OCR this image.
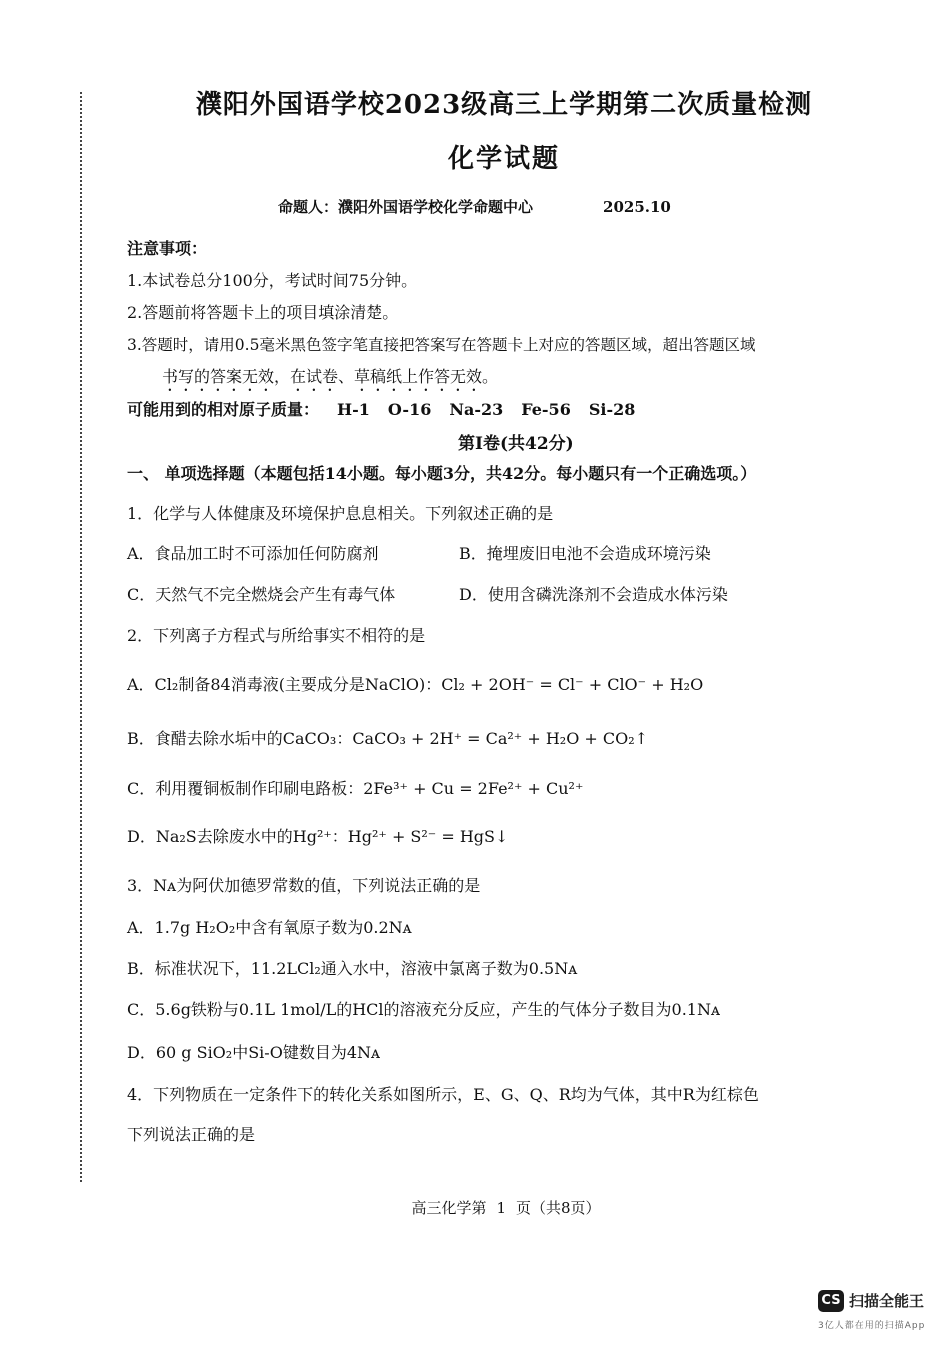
濮阳外国语学校2023级高三上学期第二次质量检测
化学试题
命题人：濮阳外国语学校化学命题中心	2025.10
注意事项：
1.本试卷总分100分，考试时间75分钟。
2.答题前将答题卡上的项目填涂清楚。
3.答题时，请用0.5毫米黑色签字笔直接把答案写在答题卡上对应的答题区域，超出答题区域
书写的答案无效，在试卷、草稿纸上作答无效。
可能用到的相对原子质量： H-1 O-16 Na-23 Fe-56 Si-28
第Ⅰ卷(共42分)
一、 单项选择题（本题包括14小题。每小题3分，共42分。每小题只有一个正确选项。）
1．化学与人体健康及环境保护息息相关。下列叙述正确的是
A．食品加工时不可添加任何防腐剂	B．掩埋废旧电池不会造成环境污染
C．天然气不完全燃烧会产生有毒气体	D．使用含磷洗涤剂不会造成水体污染
2．下列离子方程式与所给事实不相符的是
A．Cl₂制备84消毒液(主要成分是NaClO)：Cl₂ + 2OH⁻ = Cl⁻ + ClO⁻ + H₂O
B．食醋去除水垢中的CaCO₃：CaCO₃ + 2H⁺ = Ca²⁺ + H₂O + CO₂↑
C．利用覆铜板制作印刷电路板：2Fe³⁺ + Cu = 2Fe²⁺ + Cu²⁺
D．Na₂S去除废水中的Hg²⁺：Hg²⁺ + S²⁻ = HgS↓
3．Nᴀ为阿伏加德罗常数的值，下列说法正确的是
A．1.7g H₂O₂中含有氧原子数为0.2Nᴀ
B．标准状况下，11.2LCl₂通入水中，溶液中氯离子数为0.5Nᴀ
C．5.6g铁粉与0.1L 1mol/L的HCl的溶液充分反应，产生的气体分子数目为0.1Nᴀ
D．60 g SiO₂中Si-O键数目为4Nᴀ
4．下列物质在一定条件下的转化关系如图所示，E、G、Q、R均为气体，其中R为红棕色
下列说法正确的是
高三化学第 1 页（共8页）
CS 扫描全能王
3亿人都在用的扫描App
